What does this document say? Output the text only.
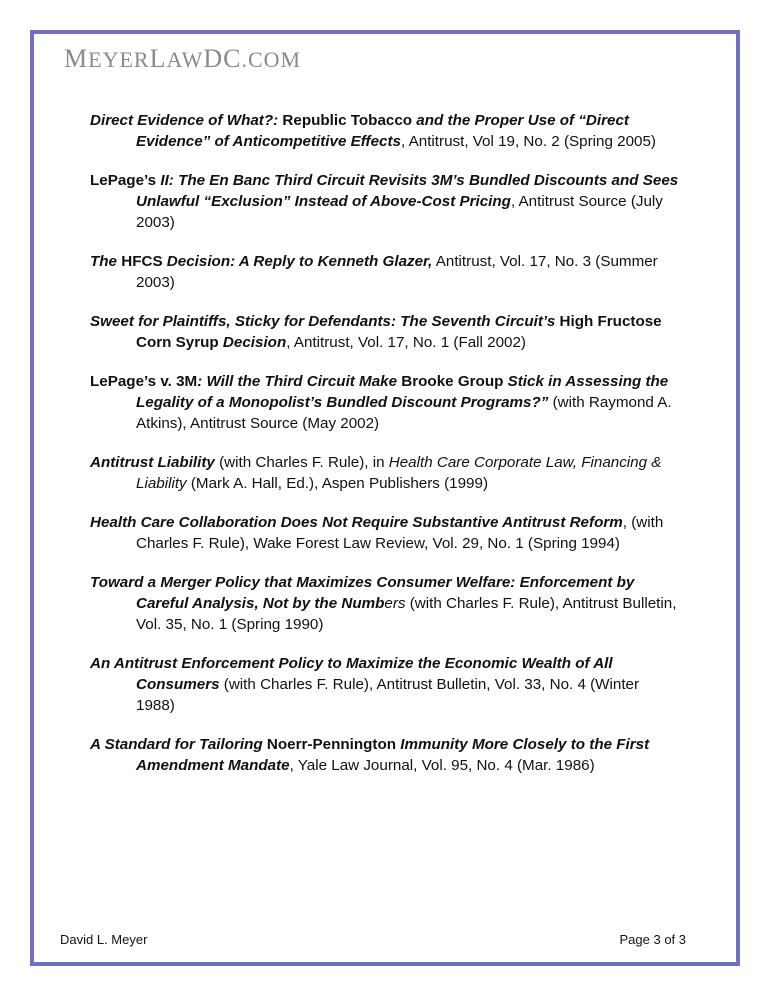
MEYERLAWDC.COM

Direct Evidence of What?: Republic Tobacco and the Proper Use of “Direct Evidence” of Anticompetitive Effects, Antitrust, Vol 19, No. 2 (Spring 2005)

LePage’s II: The En Banc Third Circuit Revisits 3M’s Bundled Discounts and Sees Unlawful “Exclusion” Instead of Above-Cost Pricing, Antitrust Source (July 2003)

The HFCS Decision: A Reply to Kenneth Glazer, Antitrust, Vol. 17, No. 3 (Summer 2003)

Sweet for Plaintiffs, Sticky for Defendants: The Seventh Circuit’s High Fructose Corn Syrup Decision, Antitrust, Vol. 17, No. 1 (Fall 2002)

LePage’s v. 3M: Will the Third Circuit Make Brooke Group Stick in Assessing the Legality of a Monopolist’s Bundled Discount Programs?” (with Raymond A. Atkins), Antitrust Source (May 2002)

Antitrust Liability (with Charles F. Rule), in Health Care Corporate Law, Financing & Liability (Mark A. Hall, Ed.), Aspen Publishers (1999)

Health Care Collaboration Does Not Require Substantive Antitrust Reform, (with Charles F. Rule), Wake Forest Law Review, Vol. 29, No. 1 (Spring 1994)

Toward a Merger Policy that Maximizes Consumer Welfare: Enforcement by Careful Analysis, Not by the Numbers (with Charles F. Rule), Antitrust Bulletin, Vol. 35, No. 1 (Spring 1990)

An Antitrust Enforcement Policy to Maximize the Economic Wealth of All Consumers (with Charles F. Rule), Antitrust Bulletin, Vol. 33, No. 4 (Winter 1988)

A Standard for Tailoring Noerr-Pennington Immunity More Closely to the First Amendment Mandate, Yale Law Journal, Vol. 95, No. 4 (Mar. 1986)

David L. Meyer	Page 3 of 3
